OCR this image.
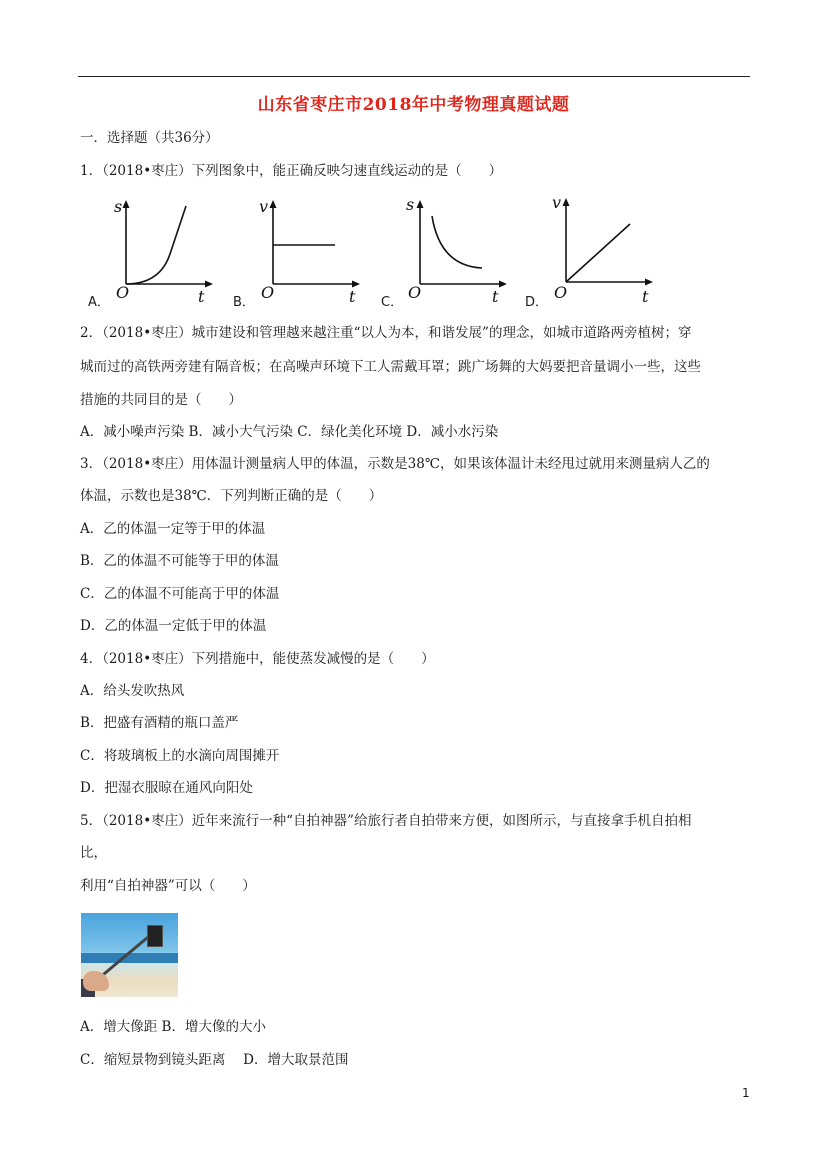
山东省枣庄市2018年中考物理真题试题
一．选择题（共36分）
1．（2018•枣庄）下列图象中，能正确反映匀速直线运动的是（　　）
A．
s
t
O
B．
v
t
O
C．
s
t
O
D．
v
t
O
2．（2018•枣庄）城市建设和管理越来越注重“以人为本，和谐发展”的理念，如城市道路两旁植树；穿
城而过的高铁两旁建有隔音板；在高噪声环境下工人需戴耳罩；跳广场舞的大妈要把音量调小一些，这些
措施的共同目的是（　　）
A．减小噪声污染 B．减小大气污染 C．绿化美化环境 D．减小水污染
3．（2018•枣庄）用体温计测量病人甲的体温，示数是38℃，如果该体温计未经甩过就用来测量病人乙的
体温，示数也是38℃．下列判断正确的是（　　）
A．乙的体温一定等于甲的体温
B．乙的体温不可能等于甲的体温
C．乙的体温不可能高于甲的体温
D．乙的体温一定低于甲的体温
4．（2018•枣庄）下列措施中，能使蒸发减慢的是（　　）
A．给头发吹热风
B．把盛有酒精的瓶口盖严
C．将玻璃板上的水滴向周围摊开
D．把湿衣服晾在通风向阳处
5．（2018•枣庄）近年来流行一种“自拍神器”给旅行者自拍带来方便，如图所示，与直接拿手机自拍相
比，
利用“自拍神器”可以（　　）
A．增大像距 B．增大像的大小
C．缩短景物到镜头距离　 D．增大取景范围
1
